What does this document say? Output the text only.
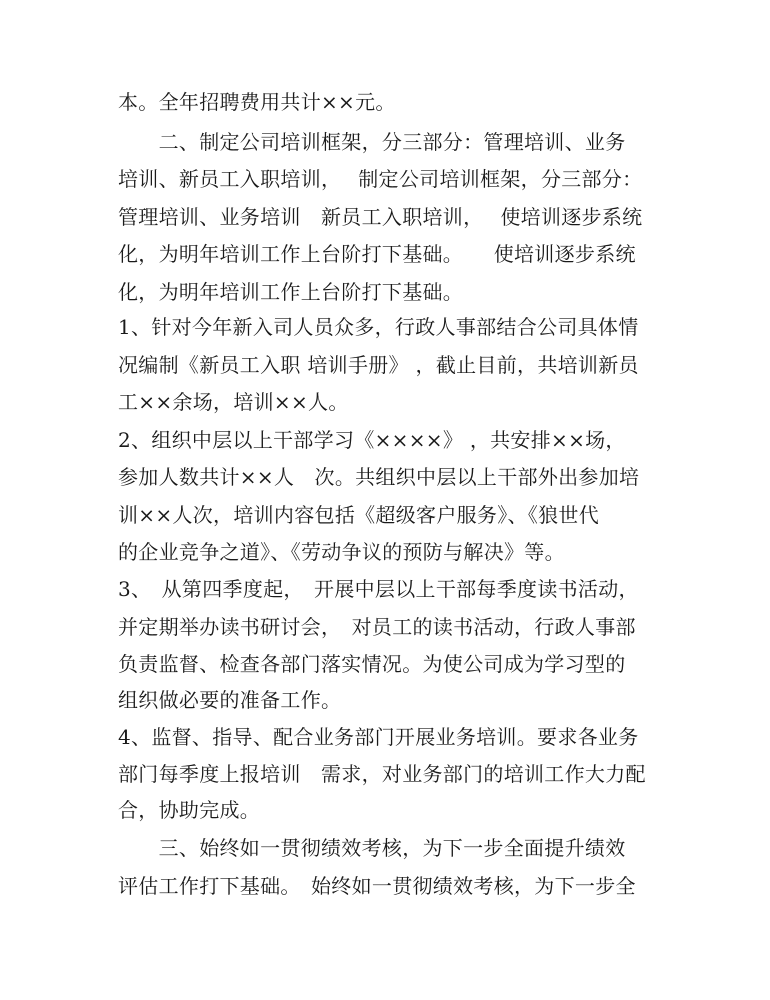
本。全年招聘费用共计××元。
　　二、制定公司培训框架，分三部分：管理培训、业务
培训、新员工入职培训，　 制定公司培训框架，分三部分：
管理培训、业务培训　新员工入职培训，　 使培训逐步系统
化，为明年培训工作上台阶打下基础。　　使培训逐步系统
化，为明年培训工作上台阶打下基础。
1、针对今年新入司人员众多，行政人事部结合公司具体情
况编制《新员工入职 培训手册》 ，截止目前，共培训新员
工××余场，培训××人。
2、组织中层以上干部学习《××××》 ，共安排××场，
参加人数共计××人　次。共组织中层以上干部外出参加培
训××人次，培训内容包括《超级客户服务》、《狼世代
的企业竞争之道》、《劳动争议的预防与解决》等。
3、　从第四季度起，　开展中层以上干部每季度读书活动，
并定期举办读书研讨会，　对员工的读书活动，行政人事部
负责监督、检查各部门落实情况。为使公司成为学习型的
组织做必要的准备工作。
4、监督、指导、配合业务部门开展业务培训。要求各业务
部门每季度上报培训　需求，对业务部门的培训工作大力配
合，协助完成。
　　三、始终如一贯彻绩效考核，为下一步全面提升绩效
评估工作打下基础。　始终如一贯彻绩效考核，为下一步全
